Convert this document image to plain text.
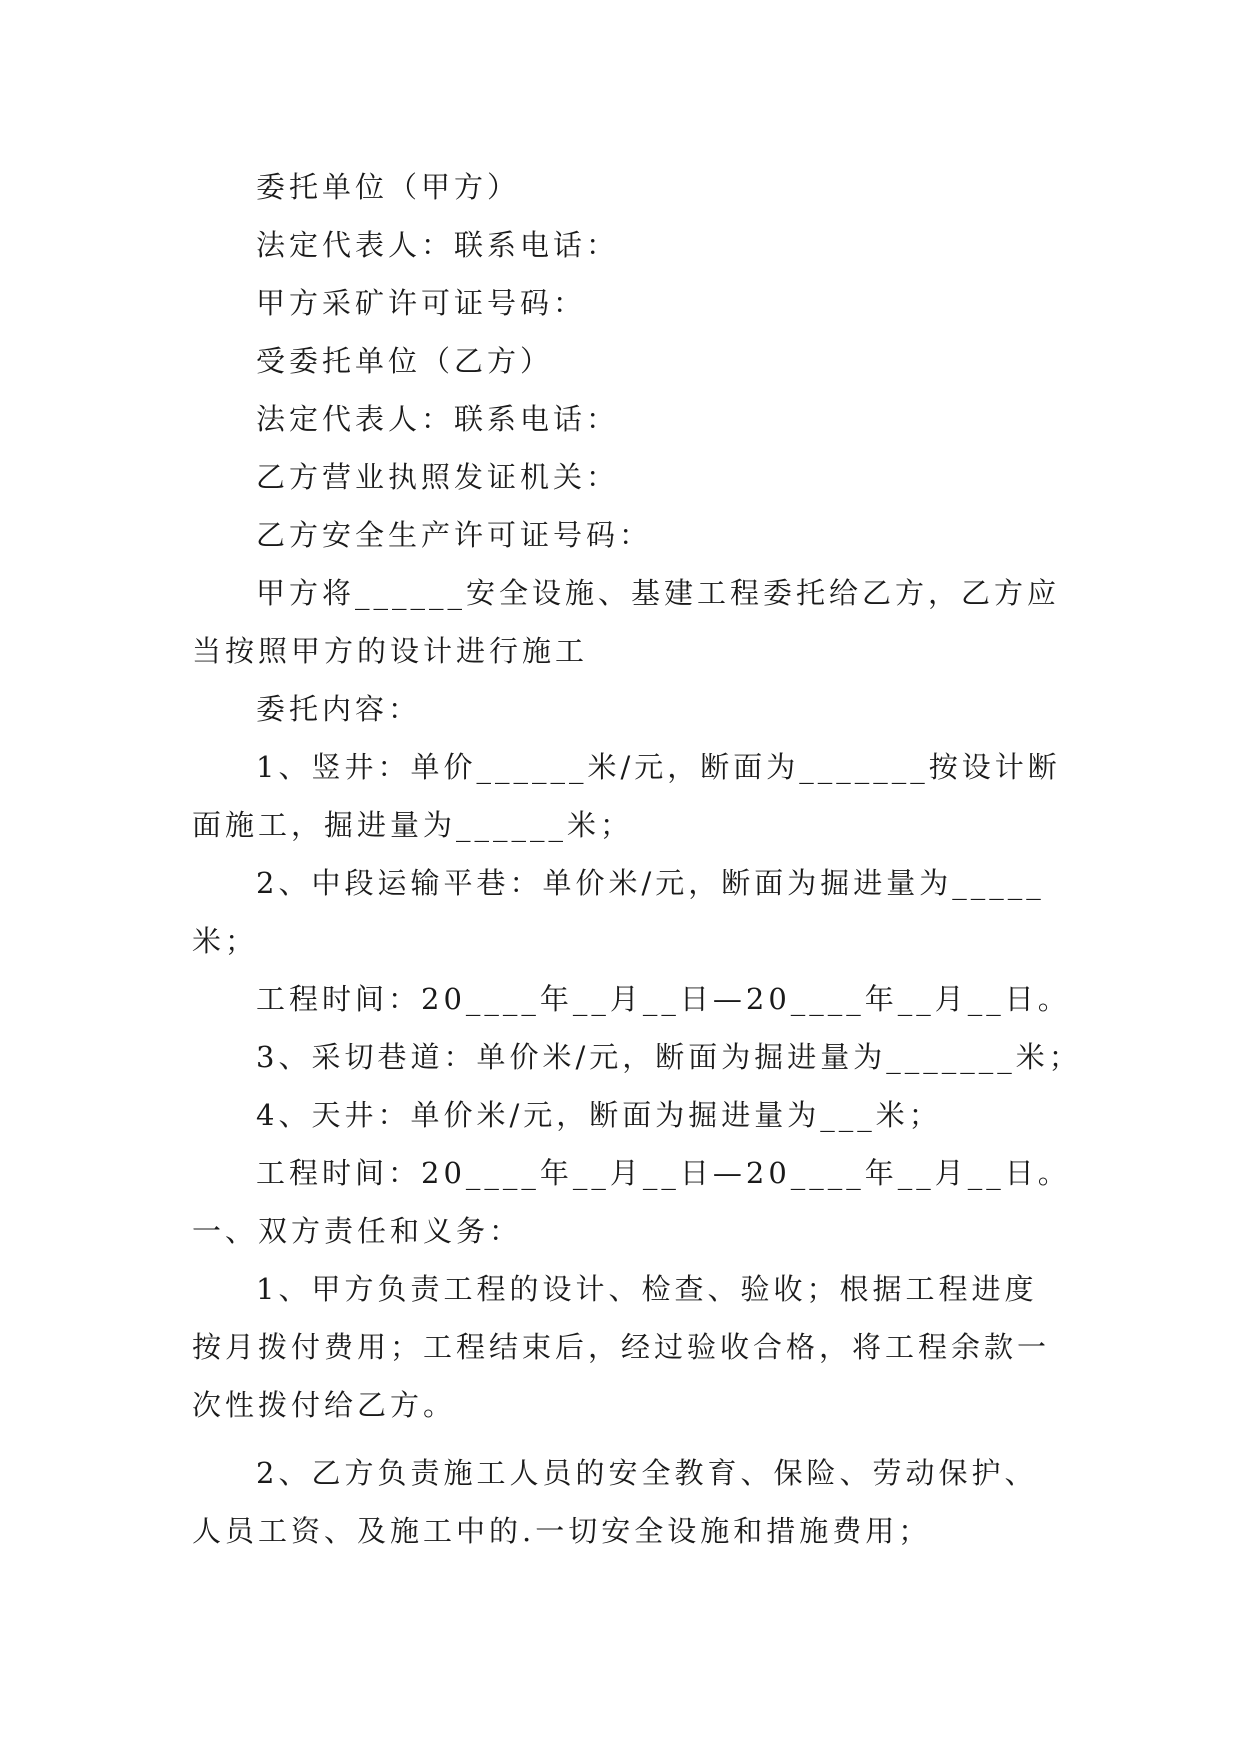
委托单位（甲方）
法定代表人：联系电话：
甲方采矿许可证号码：
受委托单位（乙方）
法定代表人：联系电话：
乙方营业执照发证机关：
乙方安全生产许可证号码：
甲方将______安全设施、基建工程委托给乙方，乙方应
当按照甲方的设计进行施工
委托内容：
1、竖井：单价______米/元，断面为_______按设计断
面施工，掘进量为______米；
2、中段运输平巷：单价米/元，断面为掘进量为_____
米；
工程时间：20____年__月__日—20____年__月__日。
3、采切巷道：单价米/元，断面为掘进量为_______米；
4、天井：单价米/元，断面为掘进量为___米；
工程时间：20____年__月__日—20____年__月__日。
一、双方责任和义务：
1、甲方负责工程的设计、检查、验收；根据工程进度
按月拨付费用；工程结束后，经过验收合格，将工程余款一
次性拨付给乙方。
2、乙方负责施工人员的安全教育、保险、劳动保护、
人员工资、及施工中的.一切安全设施和措施费用；
